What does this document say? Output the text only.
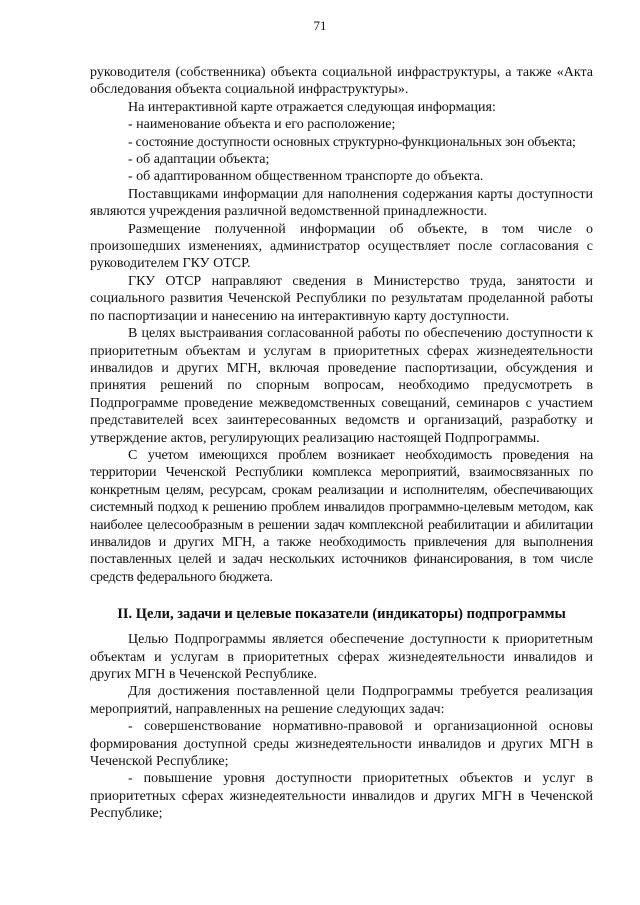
71

руководителя (собственника) объекта социальной инфраструктуры, а также «Акта обследования объекта социальной инфраструктуры».

На интерактивной карте отражается следующая информация:

- наименование объекта и его расположение;

- состояние доступности основных структурно-функциональных зон объекта;

- об адаптации объекта;

- об адаптированном общественном транспорте до объекта.

Поставщиками информации для наполнения содержания карты доступности являются учреждения различной ведомственной принадлежности.

Размещение полученной информации об объекте, в том числе о произошедших изменениях, администратор осуществляет после согласования с руководителем ГКУ ОТСР.

ГКУ ОТСР направляют сведения в Министерство труда, занятости и социального развития Чеченской Республики по результатам проделанной работы по паспортизации и нанесению на интерактивную карту доступности.

В целях выстраивания согласованной работы по обеспечению доступности к приоритетным объектам и услугам в приоритетных сферах жизнедеятельности инвалидов и других МГН, включая проведение паспортизации, обсуждения и принятия решений по спорным вопросам, необходимо предусмотреть в Подпрограмме проведение межведомственных совещаний, семинаров с участием представителей всех заинтересованных ведомств и организаций, разработку и утверждение актов, регулирующих реализацию настоящей Подпрограммы.

С учетом имеющихся проблем возникает необходимость проведения на территории Чеченской Республики комплекса мероприятий, взаимосвязанных по конкретным целям, ресурсам, срокам реализации и исполнителям, обеспечивающих системный подход к решению проблем инвалидов программно-целевым методом, как наиболее целесообразным в решении задач комплексной реабилитации и абилитации инвалидов и других МГН, а также необходимость привлечения для выполнения поставленных целей и задач нескольких источников финансирования, в том числе средств федерального бюджета.

II. Цели, задачи и целевые показатели (индикаторы) подпрограммы

Целью Подпрограммы является обеспечение доступности к приоритетным объектам и услугам в приоритетных сферах жизнедеятельности инвалидов и других МГН в Чеченской Республике.

Для достижения поставленной цели Подпрограммы требуется реализация мероприятий, направленных на решение следующих задач:

- совершенствование нормативно-правовой и организационной основы формирования доступной среды жизнедеятельности инвалидов и других МГН в Чеченской Республике;

- повышение уровня доступности приоритетных объектов и услуг в приоритетных сферах жизнедеятельности инвалидов и других МГН в Чеченской Республике;
